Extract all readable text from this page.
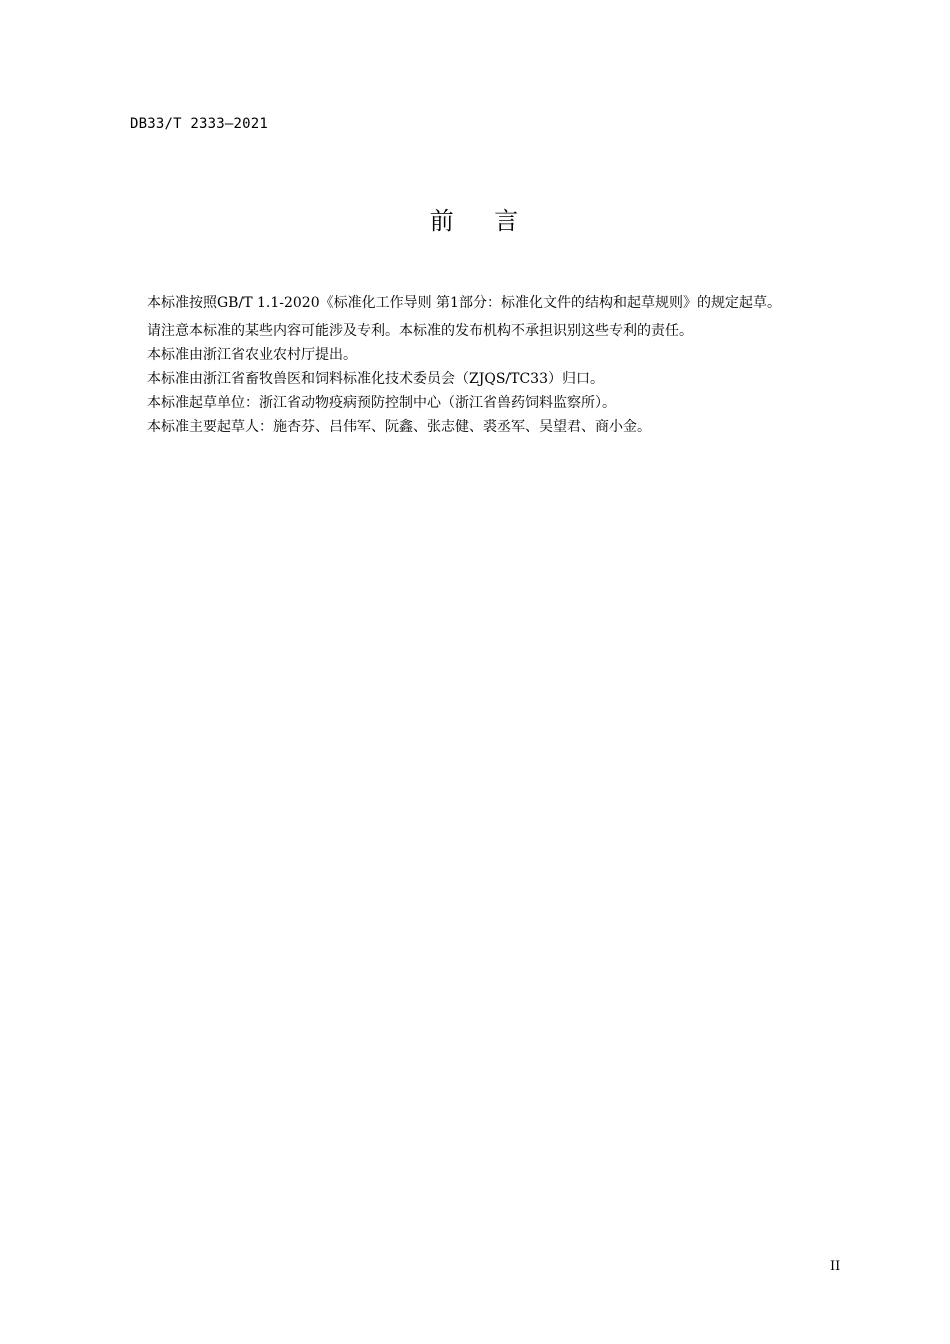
DB33/T 2333—2021
前    言

本标准按照GB/T 1.1-2020《标准化工作导则 第1部分：标准化文件的结构和起草规则》的规定起草。

请注意本标准的某些内容可能涉及专利。本标准的发布机构不承担识别这些专利的责任。

本标准由浙江省农业农村厅提出。

本标准由浙江省畜牧兽医和饲料标准化技术委员会（ZJQS/TC33）归口。

本标准起草单位：浙江省动物疫病预防控制中心（浙江省兽药饲料监察所）。

本标准主要起草人：施杏芬、吕伟军、阮鑫、张志健、裘丞军、吴望君、商小金。

II
